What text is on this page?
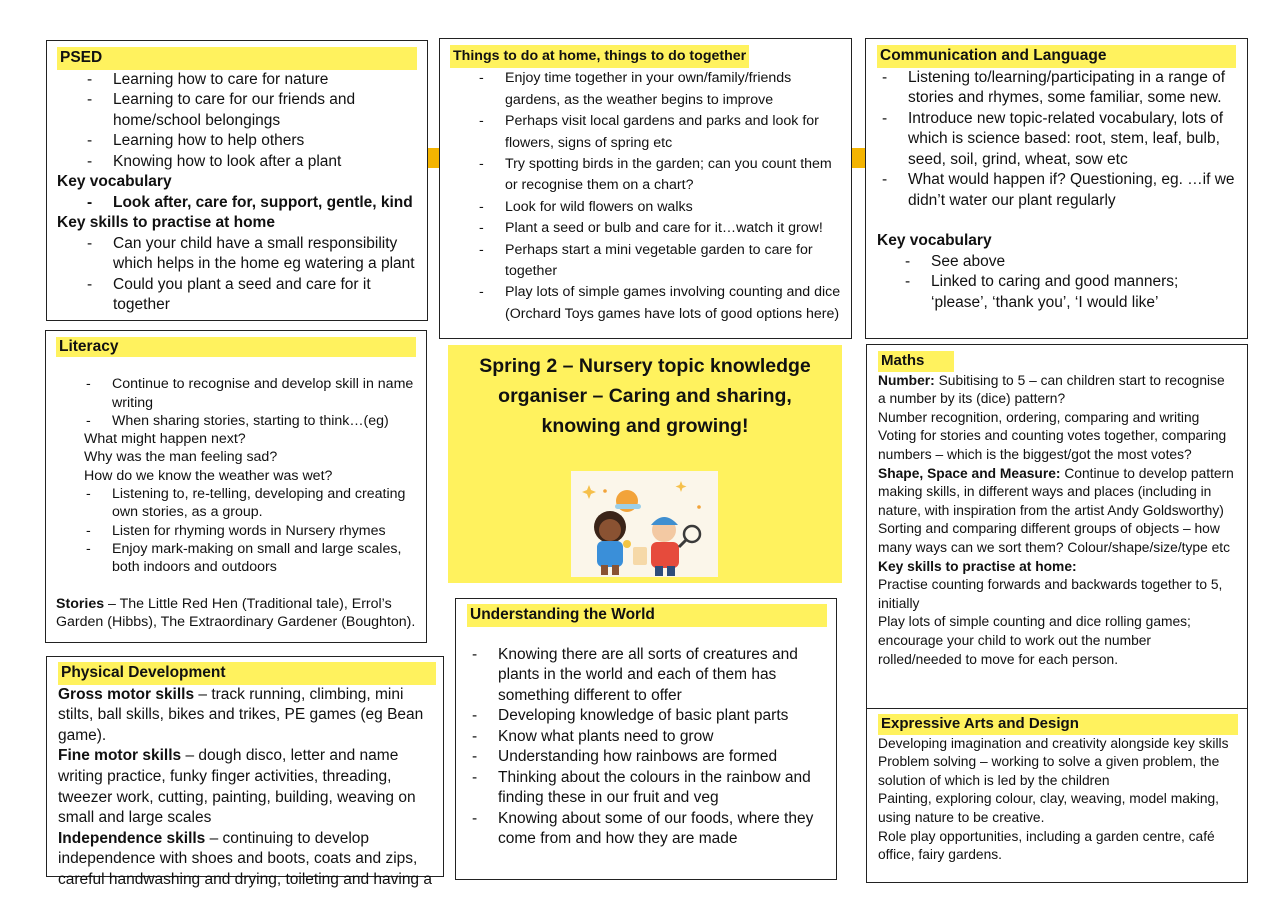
PSED
- Learning how to care for nature
- Learning to care for our friends and home/school belongings
- Learning how to help others
- Knowing how to look after a plant
Key vocabulary
- Look after, care for, support, gentle, kind
Key skills to practise at home
- Can your child have a small responsibility which helps in the home eg watering a plant
- Could you plant a seed and care for it together
Things to do at home, things to do together
- Enjoy time together in your own/family/friends gardens, as the weather begins to improve
- Perhaps visit local gardens and parks and look for flowers, signs of spring etc
- Try spotting birds in the garden; can you count them or recognise them on a chart?
- Look for wild flowers on walks
- Plant a seed or bulb and care for it…watch it grow!
- Perhaps start a mini vegetable garden to care for together
- Play lots of simple games involving counting and dice (Orchard Toys games have lots of good options here)
Communication and Language
- Listening to/learning/participating in a range of stories and rhymes, some familiar, some new.
- Introduce new topic-related vocabulary, lots of which is science based: root, stem, leaf, bulb, seed, soil, grind, wheat, sow etc
- What would happen if? Questioning, eg. …if we didn’t water our plant regularly
Key vocabulary
- See above
- Linked to caring and good manners; ‘please’, ‘thank you’, ‘I would like’
Literacy
- Continue to recognise and develop skill in name writing
- When sharing stories, starting to think…(eg)
What might happen next?
Why was the man feeling sad?
How do we know the weather was wet?
- Listening to, re-telling, developing and creating own stories, as a group.
- Listen for rhyming words in Nursery rhymes
- Enjoy mark-making on small and large scales, both indoors and outdoors

Stories – The Little Red Hen (Traditional tale), Errol’s Garden (Hibbs), The Extraordinary Gardener (Boughton).

Spring 2 – Nursery topic knowledge organiser – Caring and sharing, knowing and growing!
Maths

Number: Subitising to 5 – can children start to recognise a number by its (dice) pattern?

Number recognition, ordering, comparing and writing

Voting for stories and counting votes together, comparing numbers – which is the biggest/got the most votes?

Shape, Space and Measure: Continue to develop pattern making skills, in different ways and places (including in nature, with inspiration from the artist Andy Goldsworthy)

Sorting and comparing different groups of objects – how many ways can we sort them? Colour/shape/size/type etc

Key skills to practise at home:

Practise counting forwards and backwards together to 5, initially

Play lots of simple counting and dice rolling games; encourage your child to work out the number rolled/needed to move for each person.

Physical Development

Gross motor skills – track running, climbing, mini stilts, ball skills, bikes and trikes, PE games (eg Bean game).

Fine motor skills – dough disco, letter and name writing practice, funky finger activities, threading, tweezer work, cutting, painting, building, weaving on small and large scales

Independence skills – continuing to develop independence with shoes and boots, coats and zips, careful handwashing and drying, toileting and having a

Understanding the World
- Knowing there are all sorts of creatures and plants in the world and each of them has something different to offer
- Developing knowledge of basic plant parts
- Know what plants need to grow
- Understanding how rainbows are formed
- Thinking about the colours in the rainbow and finding these in our fruit and veg
- Knowing about some of our foods, where they come from and how they are made
Expressive Arts and Design

Developing imagination and creativity alongside key skills

Problem solving – working to solve a given problem, the solution of which is led by the children

Painting, exploring colour, clay, weaving, model making, using nature to be creative.

Role play opportunities, including a garden centre, café office, fairy gardens.
